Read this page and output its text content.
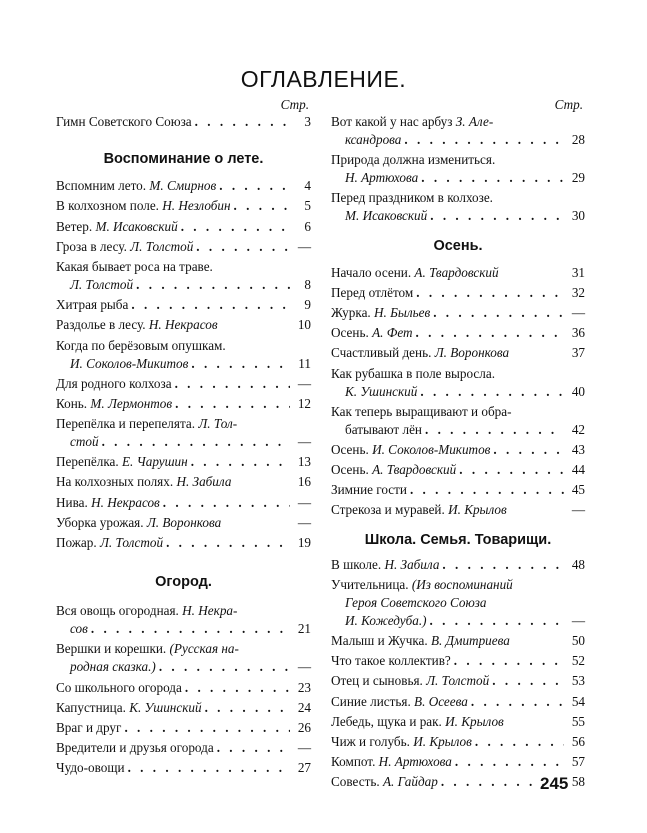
ОГЛАВЛЕНИЕ.
Стр.
Гимн Советского Союза . . .	3
Воспоминание о лете.
Вспомним лето.
М. Смирнов . . .	4
В колхозном поле.
Н. Незлобин . . .	5
Ветер.
М. Исаковский . . .	6
Гроза в лесу.
Л. Толстой . . .	—
Какая бывает роса на траве.
Л. Толстой . . .	8
Хитрая рыба . . .	9
Раздолье в лесу.
Н. Некрасов	10
Когда по берёзовым опушкам.
И. Соколов-Микитов . . .	11
Для родного колхоза . . .	—
Конь.
М. Лермонтов . . .	12
Перепёлка и перепелята.
Л. Тол-
стой . . .	—
Перепёлка.
Е. Чарушин . . .	13
На колхозных полях.
Н. Забила	16
Нива.
Н. Некрасов . . .	—
Уборка урожая.
Л. Воронкова	—
Пожар.
Л. Толстой . . .	19
Огород.
Вся овощь огородная.
Н. Некра-
сов . . .	21
Вершки и корешки.
(Русская на-
родная сказка.) . . .	—
Со школьного огорода . . .	23
Капустница.
К. Ушинский . . .	24
Враг и друг . . .	26
Вредители и друзья огорода . . .	—
Чудо-овощи . . .	27
Стр.
Вот какой у нас арбуз
З. Але-
ксандрова . . .	28
Природа должна измениться.
Н. Артюхова . . .	29
Перед праздником в колхозе.
М. Исаковский . . .	30
Осень.
Начало осени.
А. Твардовский	31
Перед отлётом . . .	32
Журка.
Н. Быльев . . .	—
Осень.
А. Фет . . .	36
Счастливый день.
Л. Воронкова	37
Как рубашка в поле выросла.
К. Ушинский . . .	40
Как теперь выращивают и обра-
батывают лён . . .	42
Осень.
И. Соколов-Микитов . . .	43
Осень.
А. Твардовский . . .	44
Зимние гости . . .	45
Стрекоза и муравей.
И. Крылов	—
Школа. Семья. Товарищи.
В школе.
Н. Забила . . .	48
Учительница.
(Из воспоминаний
Героя Советского Союза
И. Кожедуба.) . . .	—
Малыш и Жучка.
В. Дмитриева	50
Что такое коллектив? . . .	52
Отец и сыновья.
Л. Толстой . . .	53
Синие листья.
В. Осеева . . .	54
Лебедь, щука и рак.
И. Крылов	55
Чиж и голубь.
И. Крылов . . .	56
Компот.
Н. Артюхова . . .	57
Совесть.
А. Гайдар . . .	58
245
